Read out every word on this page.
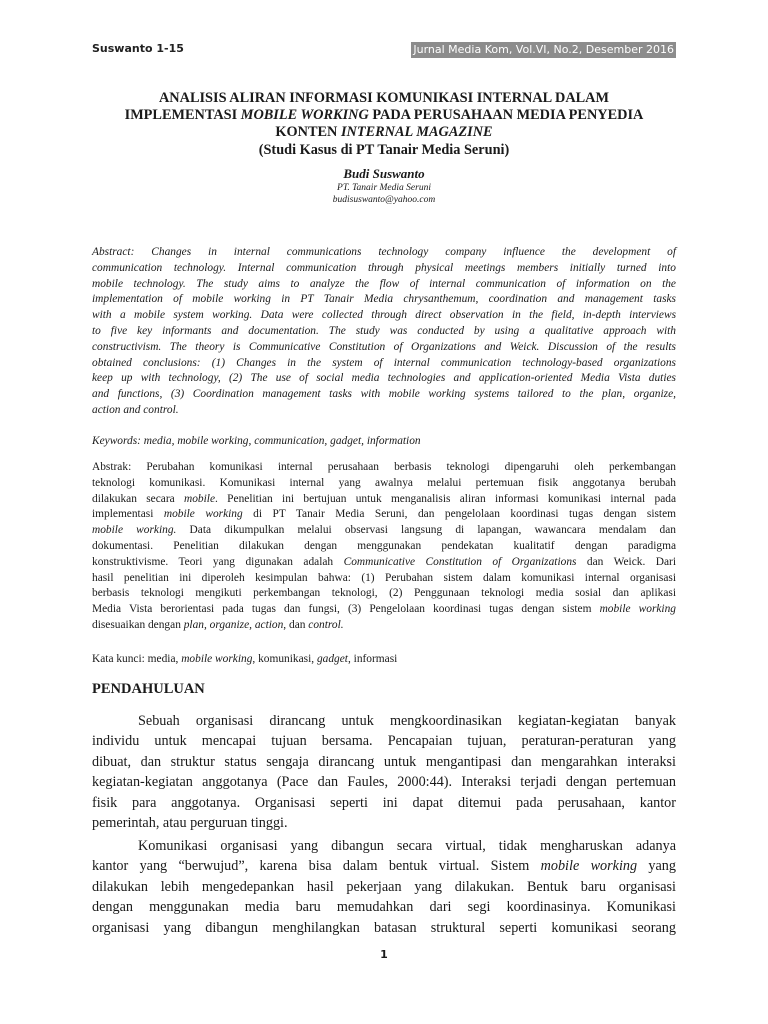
Suswanto 1-15	Jurnal Media Kom, Vol.VI, No.2, Desember 2016
ANALISIS ALIRAN INFORMASI KOMUNIKASI INTERNAL DALAM
IMPLEMENTASI MOBILE WORKING PADA PERUSAHAAN MEDIA PENYEDIA
KONTEN INTERNAL MAGAZINE
(Studi Kasus di PT Tanair Media Seruni)
Budi Suswanto
PT. Tanair Media Seruni
budisuswanto@yahoo.com
Abstract: Changes in internal communications technology company influence the development of
communication technology. Internal communication through physical meetings members initially turned into
mobile technology. The study aims to analyze the flow of internal communication of information on the
implementation of mobile working in PT Tanair Media chrysanthemum, coordination and management tasks
with a mobile system working. Data were collected through direct observation in the field, in-depth interviews
to five key informants and documentation. The study was conducted by using a qualitative approach with
constructivism. The theory is Communicative Constitution of Organizations and Weick. Discussion of the results
obtained conclusions: (1) Changes in the system of internal communication technology-based organizations
keep up with technology, (2) The use of social media technologies and application-oriented Media Vista duties
and functions, (3) Coordination management tasks with mobile working systems tailored to the plan, organize,
action and control.
Keywords: media, mobile working, communication, gadget, information
Abstrak: Perubahan komunikasi internal perusahaan berbasis teknologi dipengaruhi oleh perkembangan
teknologi komunikasi. Komunikasi internal yang awalnya melalui pertemuan fisik anggotanya berubah
dilakukan secara mobile. Penelitian ini bertujuan untuk menganalisis aliran informasi komunikasi internal pada
implementasi mobile working di PT Tanair Media Seruni, dan pengelolaan koordinasi tugas dengan sistem
mobile working. Data dikumpulkan melalui observasi langsung di lapangan, wawancara mendalam dan
dokumentasi. Penelitian dilakukan dengan menggunakan pendekatan kualitatif dengan paradigma
konstruktivisme. Teori yang digunakan adalah Communicative Constitution of Organizations dan Weick. Dari
hasil penelitian ini diperoleh kesimpulan bahwa: (1) Perubahan sistem dalam komunikasi internal organisasi
berbasis teknologi mengikuti perkembangan teknologi, (2) Penggunaan teknologi media sosial dan aplikasi
Media Vista berorientasi pada tugas dan fungsi, (3) Pengelolaan koordinasi tugas dengan sistem mobile working
disesuaikan dengan plan, organize, action, dan control.
Kata kunci: media, mobile working, komunikasi, gadget, informasi
PENDAHULUAN
Sebuah organisasi dirancang untuk mengkoordinasikan kegiatan-kegiatan banyak
individu untuk mencapai tujuan bersama. Pencapaian tujuan, peraturan-peraturan yang
dibuat, dan struktur status sengaja dirancang untuk mengantipasi dan mengarahkan interaksi
kegiatan-kegiatan anggotanya (Pace dan Faules, 2000:44). Interaksi terjadi dengan pertemuan
fisik para anggotanya. Organisasi seperti ini dapat ditemui pada perusahaan, kantor
pemerintah, atau perguruan tinggi.
Komunikasi organisasi yang dibangun secara virtual, tidak mengharuskan adanya
kantor yang “berwujud”, karena bisa dalam bentuk virtual. Sistem mobile working yang
dilakukan lebih mengedepankan hasil pekerjaan yang dilakukan. Bentuk baru organisasi
dengan menggunakan media baru memudahkan dari segi koordinasinya. Komunikasi
organisasi yang dibangun menghilangkan batasan struktural seperti komunikasi seorang
1
